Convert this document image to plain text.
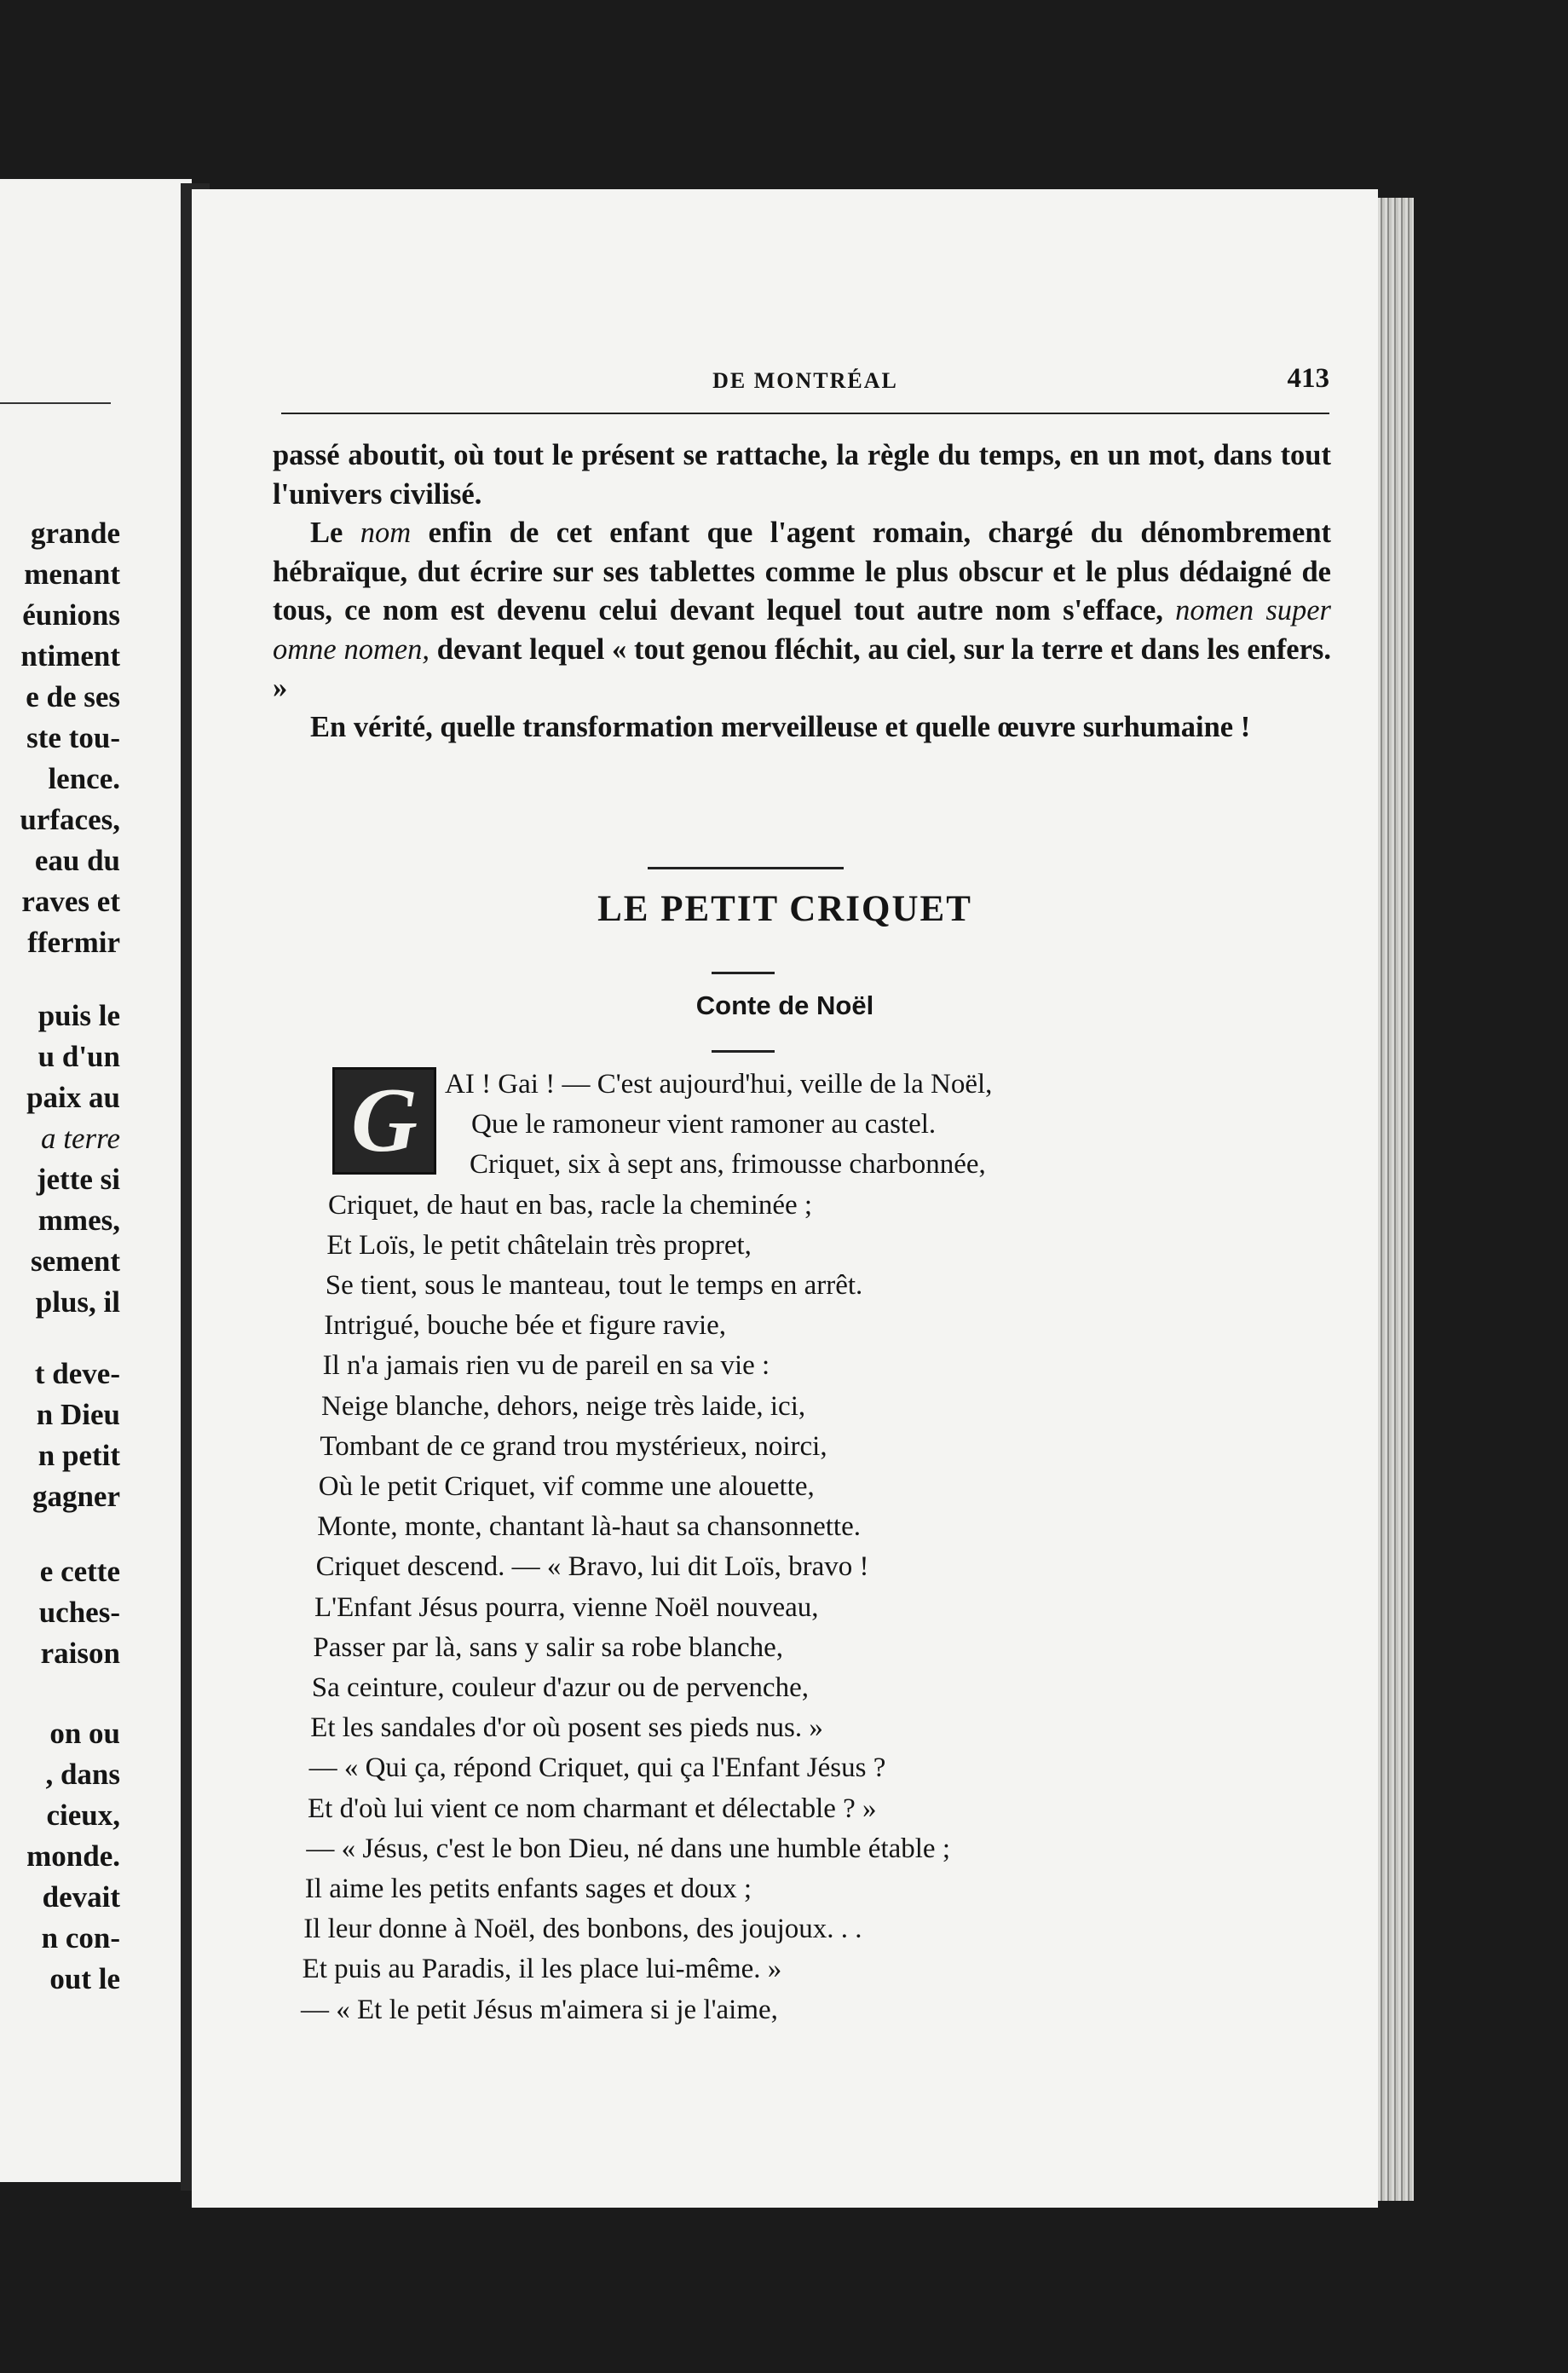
grande
menant
éunions
ntiment
e de ses
ste tou-
lence.
urfaces,
eau du
raves et
ffermir
puis le
u d'un
paix au
a terre
jette si
mmes,
sement
plus, il
t deve-
n Dieu
n petit
gagner
e cette
uches-
raison
on ou
, dans
cieux,
monde.
devait
n con-
out le
DE MONTRÉAL	413

passé aboutit, où tout le présent se rattache, la règle du temps, en un mot, dans tout l'univers civilisé.

Le nom enfin de cet enfant que l'agent romain, chargé du dénombrement hébraïque, dut écrire sur ses tablettes comme le plus obscur et le plus dédaigné de tous, ce nom est devenu celui devant lequel tout autre nom s'efface, nomen super omne nomen, devant lequel « tout genou fléchit, au ciel, sur la terre et dans les enfers. »

En vérité, quelle transformation merveilleuse et quelle œuvre surhumaine !

LE PETIT CRIQUET
Conte de Noël
AI ! Gai ! — C'est aujourd'hui, veille de la Noël,
Que le ramoneur vient ramoner au castel.
Criquet, six à sept ans, frimousse charbonnée,
Criquet, de haut en bas, racle la cheminée ;
Et Loïs, le petit châtelain très propret,
Se tient, sous le manteau, tout le temps en arrêt.
Intrigué, bouche bée et figure ravie,
Il n'a jamais rien vu de pareil en sa vie :
Neige blanche, dehors, neige très laide, ici,
Tombant de ce grand trou mystérieux, noirci,
Où le petit Criquet, vif comme une alouette,
Monte, monte, chantant là-haut sa chansonnette.
Criquet descend. — « Bravo, lui dit Loïs, bravo !
L'Enfant Jésus pourra, vienne Noël nouveau,
Passer par là, sans y salir sa robe blanche,
Sa ceinture, couleur d'azur ou de pervenche,
Et les sandales d'or où posent ses pieds nus. »
— « Qui ça, répond Criquet, qui ça l'Enfant Jésus ?
Et d'où lui vient ce nom charmant et délectable ? »
— « Jésus, c'est le bon Dieu, né dans une humble étable ;
Il aime les petits enfants sages et doux ;
Il leur donne à Noël, des bonbons, des joujoux. . .
Et puis au Paradis, il les place lui-même. »
— « Et le petit Jésus m'aimera si je l'aime,
G
